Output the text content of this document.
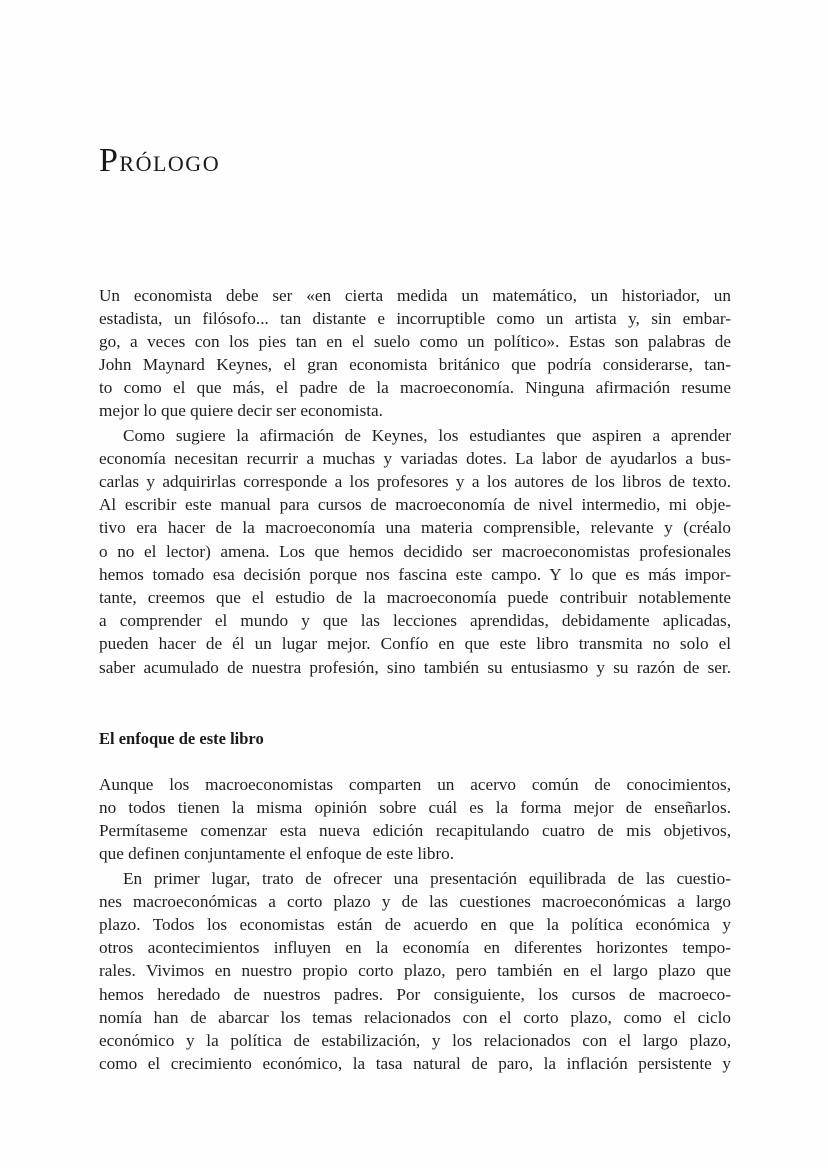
Prólogo
Un economista debe ser «en cierta medida un matemático, un historiador, un
estadista, un filósofo... tan distante e incorruptible como un artista y, sin embar-
go, a veces con los pies tan en el suelo como un político». Estas son palabras de
John Maynard Keynes, el gran economista británico que podría considerarse, tan-
to como el que más, el padre de la macroeconomía. Ninguna afirmación resume
mejor lo que quiere decir ser economista.
Como sugiere la afirmación de Keynes, los estudiantes que aspiren a aprender
economía necesitan recurrir a muchas y variadas dotes. La labor de ayudarlos a bus-
carlas y adquirirlas corresponde a los profesores y a los autores de los libros de texto.
Al escribir este manual para cursos de macroeconomía de nivel intermedio, mi obje-
tivo era hacer de la macroeconomía una materia comprensible, relevante y (créalo
o no el lector) amena. Los que hemos decidido ser macroeconomistas profesionales
hemos tomado esa decisión porque nos fascina este campo. Y lo que es más impor-
tante, creemos que el estudio de la macroeconomía puede contribuir notablemente
a comprender el mundo y que las lecciones aprendidas, debidamente aplicadas,
pueden hacer de él un lugar mejor. Confío en que este libro transmita no solo el
saber acumulado de nuestra profesión, sino también su entusiasmo y su razón de ser.
El enfoque de este libro
Aunque los macroeconomistas comparten un acervo común de conocimientos,
no todos tienen la misma opinión sobre cuál es la forma mejor de enseñarlos.
Permítaseme comenzar esta nueva edición recapitulando cuatro de mis objetivos,
que definen conjuntamente el enfoque de este libro.
En primer lugar, trato de ofrecer una presentación equilibrada de las cuestio-
nes macroeconómicas a corto plazo y de las cuestiones macroeconómicas a largo
plazo. Todos los economistas están de acuerdo en que la política económica y
otros acontecimientos influyen en la economía en diferentes horizontes tempo-
rales. Vivimos en nuestro propio corto plazo, pero también en el largo plazo que
hemos heredado de nuestros padres. Por consiguiente, los cursos de macroeco-
nomía han de abarcar los temas relacionados con el corto plazo, como el ciclo
económico y la política de estabilización, y los relacionados con el largo plazo,
como el crecimiento económico, la tasa natural de paro, la inflación persistente y
